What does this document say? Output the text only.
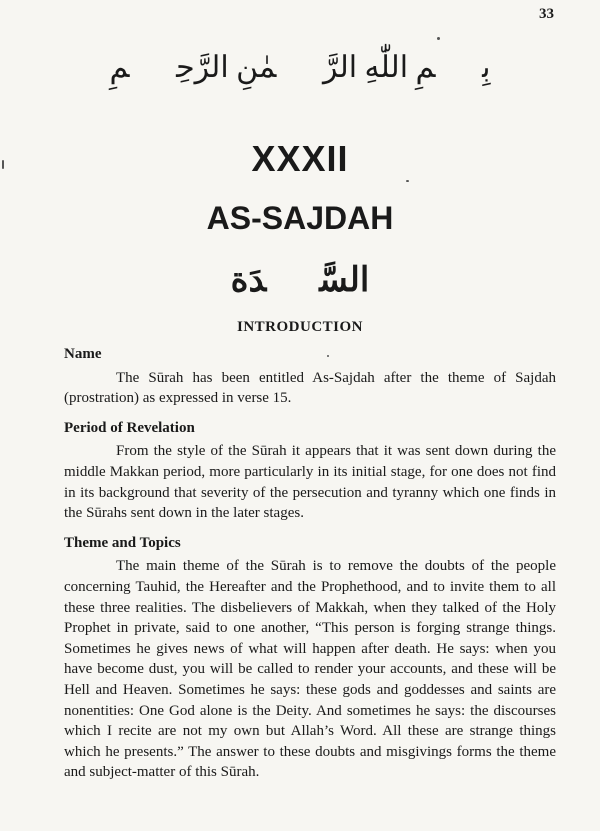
33
بِسۡمِ اللّٰهِ الرَّحۡمٰنِ الرَّحِيۡمِ
XXXII
AS-SAJDAH
السَّجۡدَة
INTRODUCTION

Name

The Sūrah has been entitled As-Sajdah after the theme of Sajdah (prostration) as expressed in verse 15.

Period of Revelation

From the style of the Sūrah it appears that it was sent down during the middle Makkan period, more particularly in its initial stage, for one does not find in its background that severity of the persecution and tyranny which one finds in the Sūrahs sent down in the later stages.

Theme and Topics

The main theme of the Sūrah is to remove the doubts of the people concerning Tauhid, the Hereafter and the Prophethood, and to invite them to all these three realities. The disbelievers of Makkah, when they talked of the Holy Prophet in private, said to one another, “This person is forging strange things. Sometimes he gives news of what will happen after death. He says: when you have become dust, you will be called to render your accounts, and these will be Hell and Heaven. Sometimes he says: these gods and goddesses and saints are nonentities: One God alone is the Deity. And sometimes he says: the discourses which I recite are not my own but Allah’s Word. All these are strange things which he presents.” The answer to these doubts and misgivings forms the theme and subject-matter of this Sūrah.
